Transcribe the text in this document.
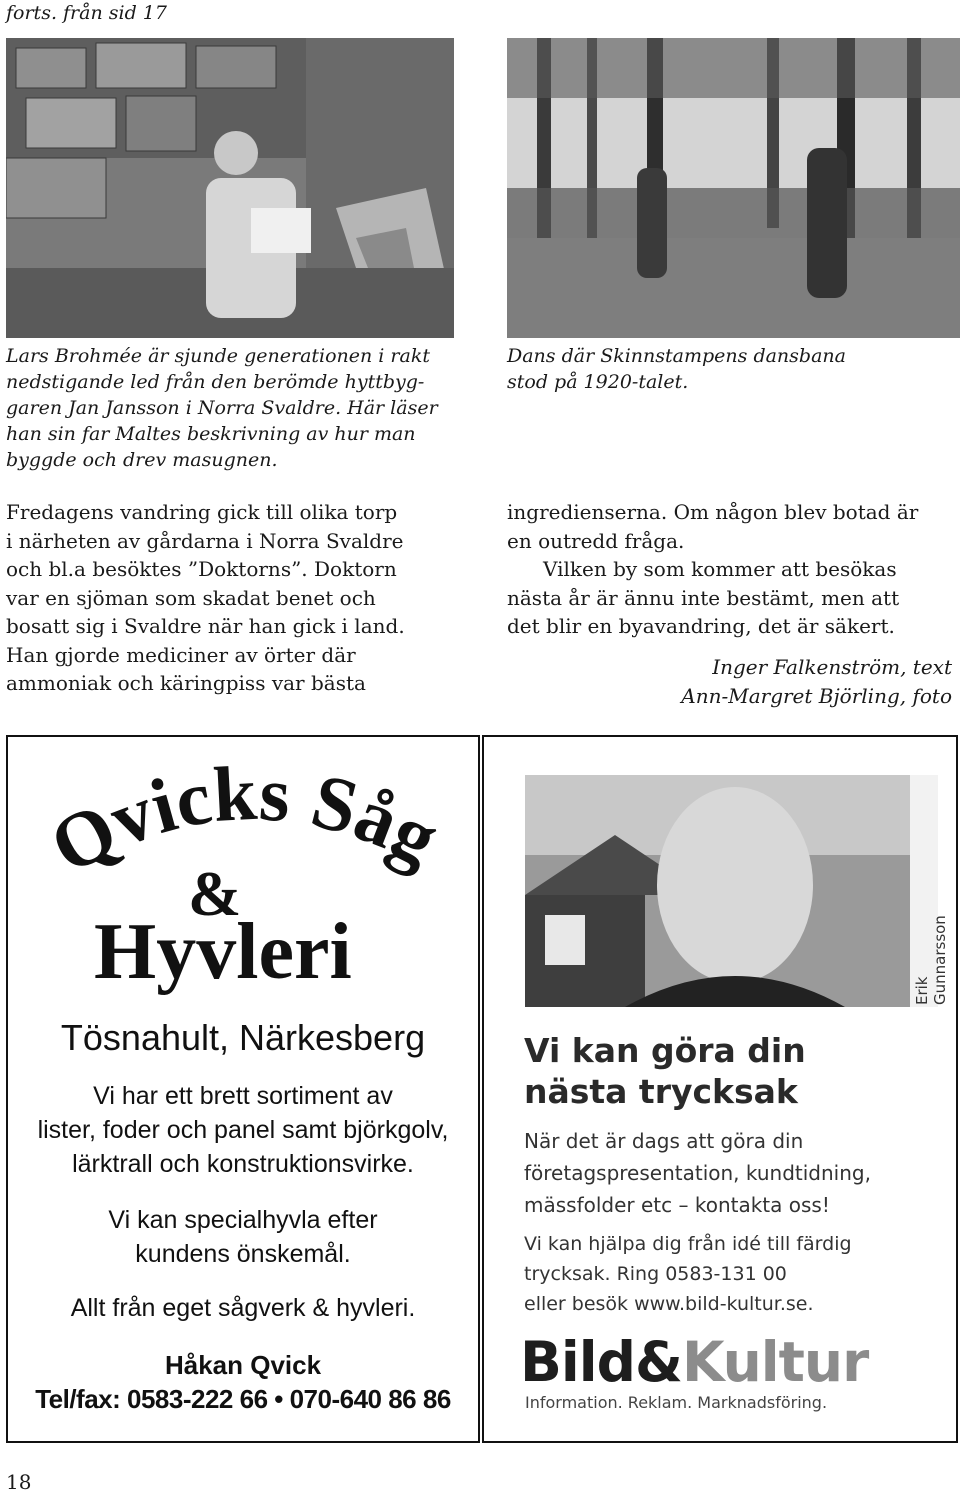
forts. från sid 17
Lars Brohmée är sjunde generationen i rakt
nedstigande led från den berömde hyttbyg-
garen Jan Jansson i Norra Svaldre. Här läser
han sin far Maltes beskrivning av hur man
byggde och drev masugnen.
Dans där Skinnstampens dansbana
stod på 1920-talet.
Fredagens vandring gick till olika torp
i närheten av gårdarna i Norra Svaldre
och bl.a besöktes ”Doktorns”. Doktorn
var en sjöman som skadat benet och
bosatt sig i Svaldre när han gick i land.
Han gjorde mediciner av örter där
ammoniak och käringpiss var bästa
ingredienserna. Om någon blev botad är
en outredd fråga.
Vilken by som kommer att besökas
nästa år är ännu inte bestämt, men att
det blir en byavandring, det är säkert.
Inger Falkenström, text
Ann-Margret Björling, foto
Qvicks Såg
&
Hyvleri
Tösnahult, Närkesberg
Vi har ett brett sortiment av
lister, foder och panel samt björkgolv,
lärktrall och konstruktionsvirke.
Vi kan specialhyvla efter
kundens önskemål.
Allt från eget sågverk & hyvleri.
Håkan Qvick
Tel/fax: 0583-222 66 • 070-640 86 86
Erik Gunnarsson
Vi kan göra din
nästa trycksak
När det är dags att göra din
företagspresentation, kundtidning,
mässfolder etc – kontakta oss!
Vi kan hjälpa dig från idé till färdig
trycksak. Ring 0583-131 00
eller besök www.bild-kultur.se.
Bild&Kultur
Information. Reklam. Marknadsföring.
18
